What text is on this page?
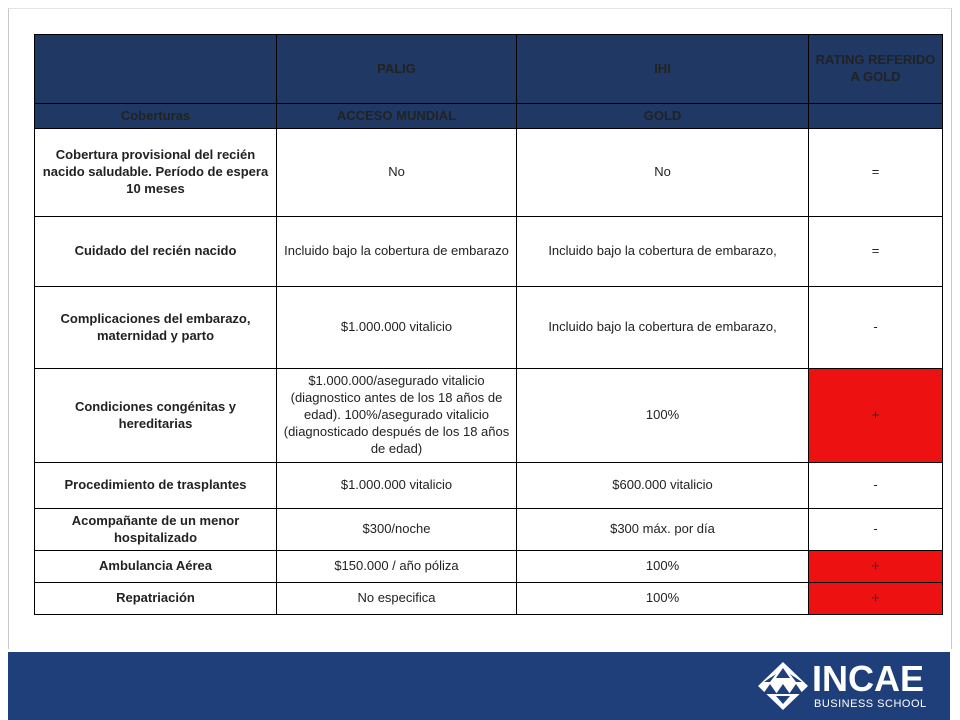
	PALIG	IHI	RATING REFERIDO A GOLD
Coberturas	ACCESO MUNDIAL	GOLD	
Cobertura provisional del recién nacido saludable. Período de espera 10 meses	No	No	=
Cuidado del recién nacido	Incluido bajo la cobertura de embarazo	Incluido bajo la cobertura de embarazo,	=
Complicaciones del embarazo, maternidad y parto	$1.000.000 vitalicio	Incluido bajo la cobertura de embarazo,	-
Condiciones congénitas y hereditarias	$1.000.000/asegurado vitalicio (diagnostico antes de los 18 años de edad). 100%/asegurado vitalicio (diagnosticado después de los 18 años de edad)	100%	+
Procedimiento de trasplantes	$1.000.000 vitalicio	$600.000 vitalicio	-
Acompañante de un menor hospitalizado	$300/noche	$300 máx. por día	-
Ambulancia Aérea	$150.000 / año póliza	100%	+
Repatriación	No especifica	100%	+
INCAE
BUSINESS SCHOOL
